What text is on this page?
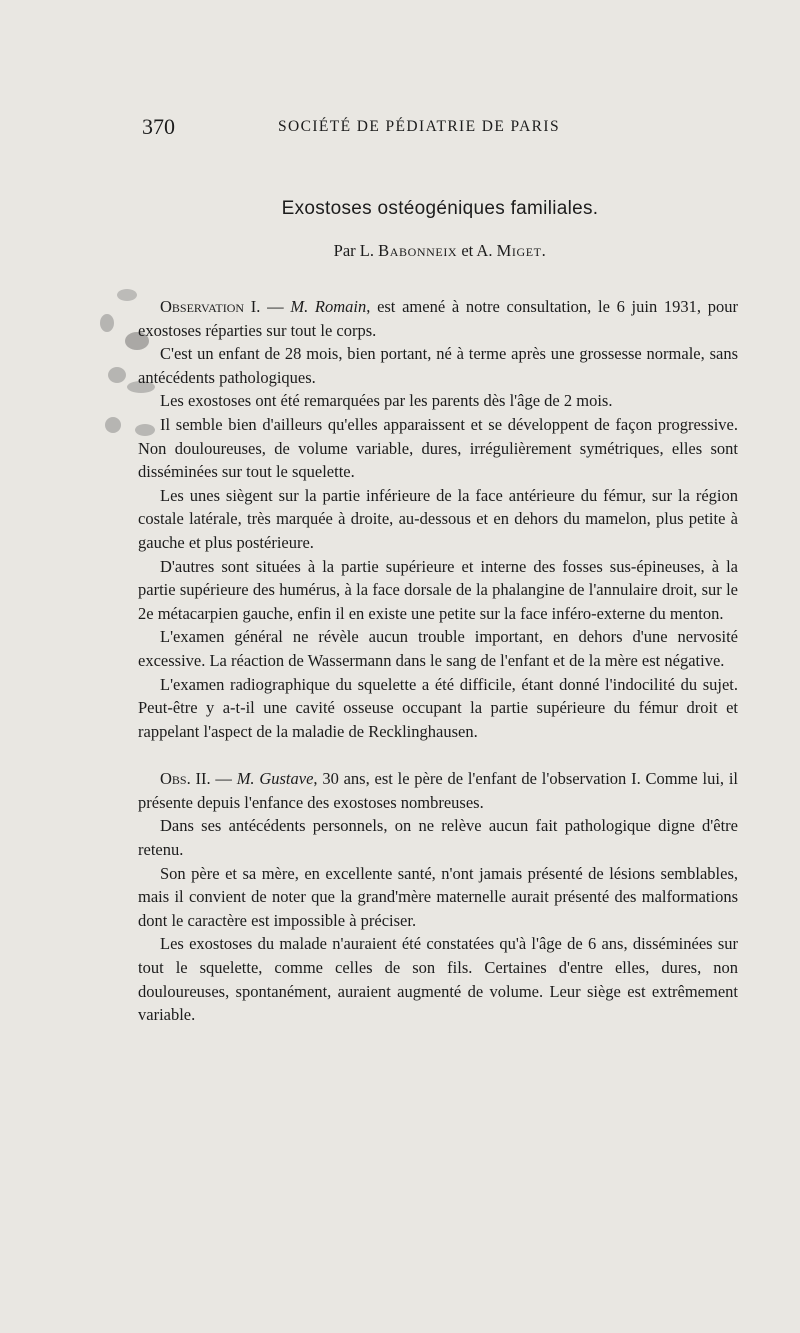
370	SOCIÉTÉ DE PÉDIATRIE DE PARIS
Exostoses ostéogéniques familiales.
Par L. Babonneix et A. Miget.

Observation I. — M. Romain, est amené à notre consultation, le 6 juin 1931, pour exostoses réparties sur tout le corps.

C'est un enfant de 28 mois, bien portant, né à terme après une grossesse normale, sans antécédents pathologiques.

Les exostoses ont été remarquées par les parents dès l'âge de 2 mois.

Il semble bien d'ailleurs qu'elles apparaissent et se développent de façon progressive. Non douloureuses, de volume variable, dures, irrégulièrement symétriques, elles sont disséminées sur tout le squelette.

Les unes siègent sur la partie inférieure de la face antérieure du fémur, sur la région costale latérale, très marquée à droite, au-dessous et en dehors du mamelon, plus petite à gauche et plus postérieure.

D'autres sont situées à la partie supérieure et interne des fosses sus-épineuses, à la partie supérieure des humérus, à la face dorsale de la phalangine de l'annulaire droit, sur le 2e métacarpien gauche, enfin il en existe une petite sur la face inféro-externe du menton.

L'examen général ne révèle aucun trouble important, en dehors d'une nervosité excessive. La réaction de Wassermann dans le sang de l'enfant et de la mère est négative.

L'examen radiographique du squelette a été difficile, étant donné l'indocilité du sujet. Peut-être y a-t-il une cavité osseuse occupant la partie supérieure du fémur droit et rappelant l'aspect de la maladie de Recklinghausen.

Obs. II. — M. Gustave, 30 ans, est le père de l'enfant de l'observation I. Comme lui, il présente depuis l'enfance des exostoses nombreuses.

Dans ses antécédents personnels, on ne relève aucun fait pathologique digne d'être retenu.

Son père et sa mère, en excellente santé, n'ont jamais présenté de lésions semblables, mais il convient de noter que la grand'mère maternelle aurait présenté des malformations dont le caractère est impossible à préciser.

Les exostoses du malade n'auraient été constatées qu'à l'âge de 6 ans, disséminées sur tout le squelette, comme celles de son fils. Certaines d'entre elles, dures, non douloureuses, spontanément, auraient augmenté de volume. Leur siège est extrêmement variable.
